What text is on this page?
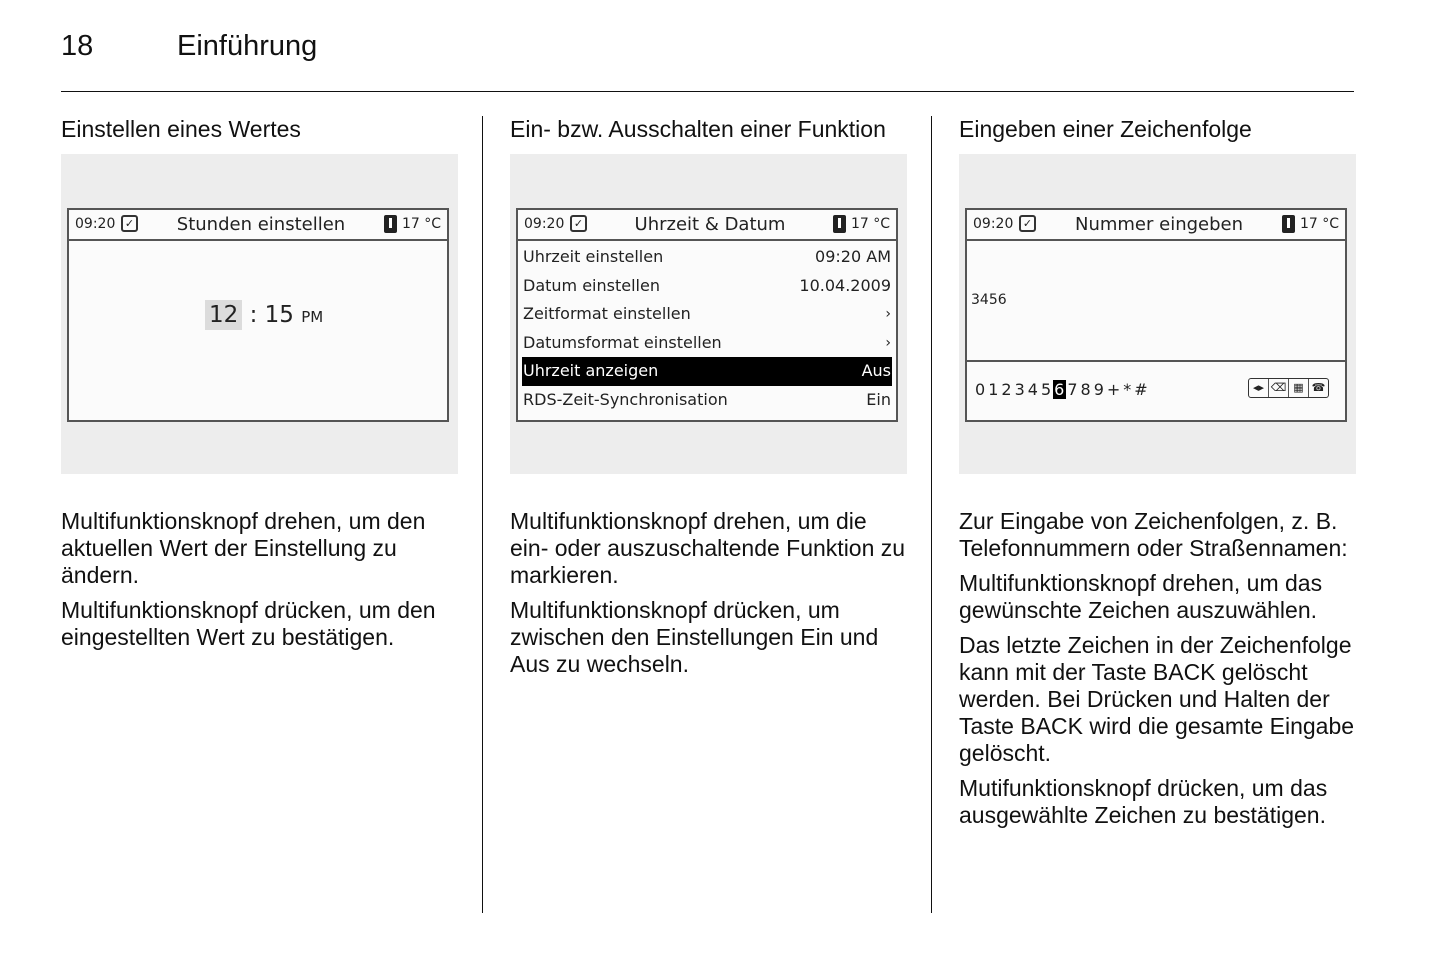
18	Einführung
Einstellen eines Wertes
09:20 ✓	Stunden einstellen	17 °C
12 : 15 PM

Multifunktionsknopf drehen, um den aktuellen Wert der Einstellung zu ändern.

Multifunktionsknopf drücken, um den eingestellten Wert zu bestätigen.

Ein- bzw. Ausschalten einer Funktion
09:20 ✓	Uhrzeit & Datum	17 °C
Uhrzeit einstellen	09:20 AM
Datum einstellen	10.04.2009
Zeitformat einstellen	›
Datumsformat einstellen	›
Uhrzeit anzeigen	Aus
RDS-Zeit-Synchronisation	Ein

Multifunktionsknopf drehen, um die ein- oder auszuschaltende Funktion zu markieren.

Multifunktionsknopf drücken, um zwischen den Einstellungen Ein und Aus zu wechseln.

Eingeben einer Zeichenfolge
09:20 ✓	Nummer eingeben	17 °C
3456
0 1 2 3 4 5 6 7 8 9 + * #	◂▸ ⌫ ▦ ☎

Zur Eingabe von Zeichenfolgen, z. B. Telefonnummern oder Straßennamen:

Multifunktionsknopf drehen, um das gewünschte Zeichen auszuwählen.

Das letzte Zeichen in der Zeichenfolge kann mit der Taste BACK gelöscht werden. Bei Drücken und Halten der Taste BACK wird die gesamte Eingabe gelöscht.

Mutifunktionsknopf drücken, um das ausgewählte Zeichen zu bestätigen.
